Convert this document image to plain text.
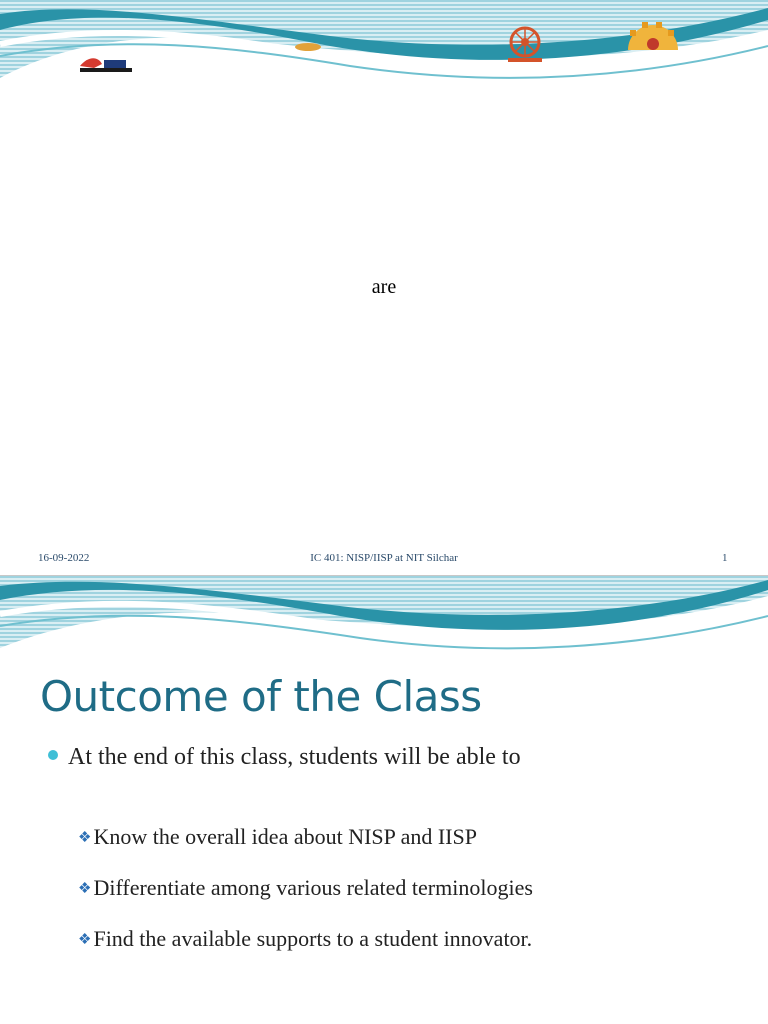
are
16-09-2022	IC 401: NISP/IISP at NIT Silchar	1
Outcome of the Class
At the end of this class, students will be able to
❖Know the overall idea about NISP and IISP
❖Differentiate among various related terminologies
❖Find the available supports to a student innovator.
